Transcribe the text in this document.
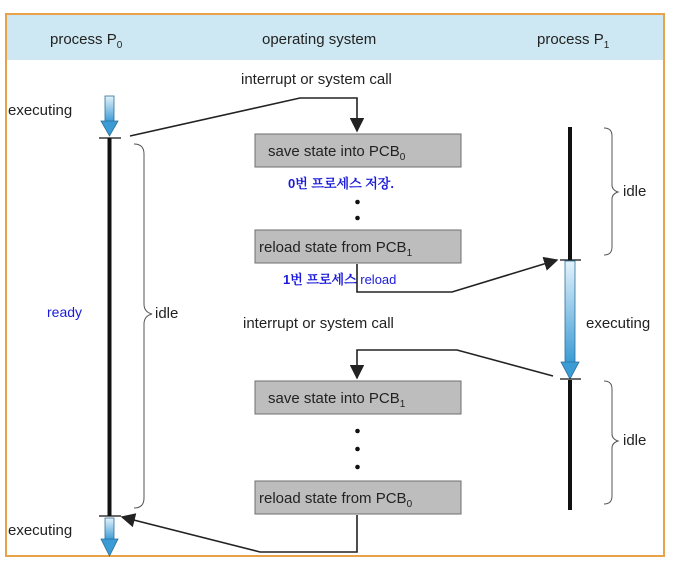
process $P_0$	operating system	process $P_1$
interrupt or system call
interrupt or system call
executing
ready	idle
executing
save state into $PCB_0$
0번 프로세스 저장.
reload state from $PCB_1$
1번 프로세스 reload
save state into $PCB_1$
reload state from $PCB_0$
executing
idle
idle
